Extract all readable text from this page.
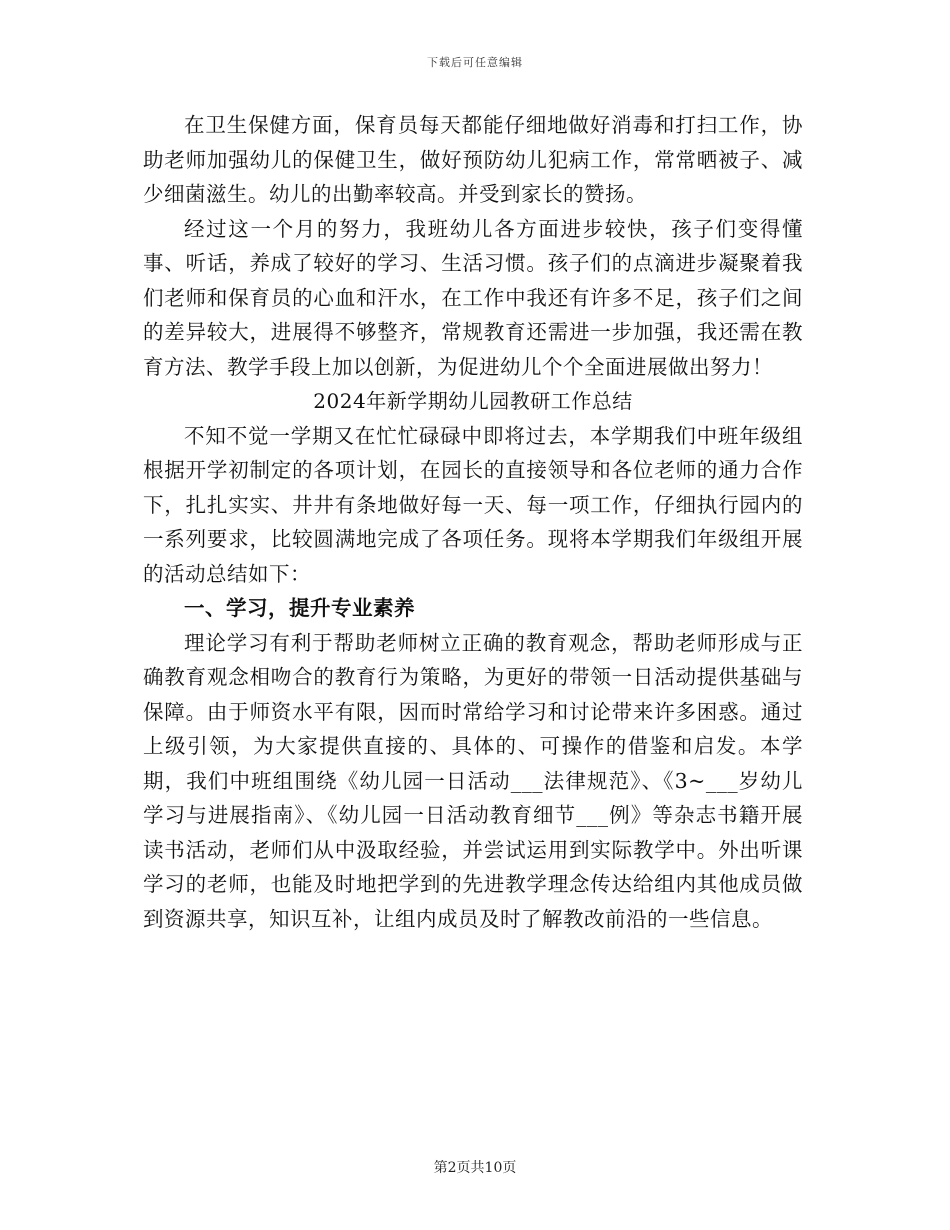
下载后可任意编辑

在卫生保健方面，保育员每天都能仔细地做好消毒和打扫工作，协助老师加强幼儿的保健卫生，做好预防幼儿犯病工作，常常晒被子、减少细菌滋生。幼儿的出勤率较高。并受到家长的赞扬。

经过这一个月的努力，我班幼儿各方面进步较快，孩子们变得懂事、听话，养成了较好的学习、生活习惯。孩子们的点滴进步凝聚着我们老师和保育员的心血和汗水，在工作中我还有许多不足，孩子们之间的差异较大，进展得不够整齐，常规教育还需进一步加强，我还需在教育方法、教学手段上加以创新，为促进幼儿个个全面进展做出努力！

2024年新学期幼儿园教研工作总结

不知不觉一学期又在忙忙碌碌中即将过去，本学期我们中班年级组根据开学初制定的各项计划，在园长的直接领导和各位老师的通力合作下，扎扎实实、井井有条地做好每一天、每一项工作，仔细执行园内的一系列要求，比较圆满地完成了各项任务。现将本学期我们年级组开展的活动总结如下：

一、学习，提升专业素养

理论学习有利于帮助老师树立正确的教育观念，帮助老师形成与正确教育观念相吻合的教育行为策略，为更好的带领一日活动提供基础与保障。由于师资水平有限，因而时常给学习和讨论带来许多困惑。通过上级引领，为大家提供直接的、具体的、可操作的借鉴和启发。本学期，我们中班组围绕《幼儿园一日活动___法律规范》、《3~___岁幼儿学习与进展指南》、《幼儿园一日活动教育细节___例》等杂志书籍开展读书活动，老师们从中汲取经验，并尝试运用到实际教学中。外出听课学习的老师，也能及时地把学到的先进教学理念传达给组内其他成员做到资源共享，知识互补，让组内成员及时了解教改前沿的一些信息。

第2页共10页
